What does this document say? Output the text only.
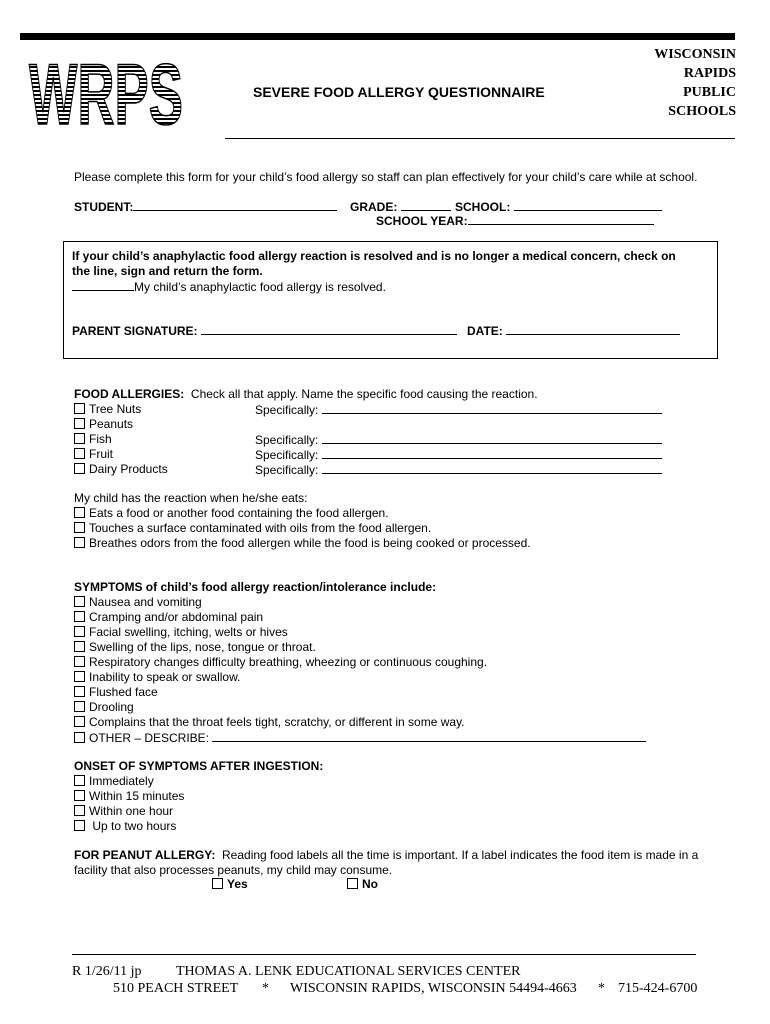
WRPS	SEVERE FOOD ALLERGY QUESTIONNAIRE
WISCONSIN
RAPIDS
PUBLIC
SCHOOLS
Please complete this form for your child’s food allergy so staff can plan effectively for your child’s care while at school.
STUDENT:	GRADE:	SCHOOL:
SCHOOL YEAR:
If your child’s anaphylactic food allergy reaction is resolved and is no longer a medical concern, check on
the line, sign and return the form.
My child’s anaphylactic food allergy is resolved.
PARENT SIGNATURE:	DATE:
FOOD ALLERGIES: Check all that apply. Name the specific food causing the reaction.
Tree Nuts	Specifically:
Peanuts
Fish	Specifically:
Fruit	Specifically:
Dairy Products	Specifically:
My child has the reaction when he/she eats:
Eats a food or another food containing the food allergen.
Touches a surface contaminated with oils from the food allergen.
Breathes odors from the food allergen while the food is being cooked or processed.
SYMPTOMS of child’s food allergy reaction/intolerance include:
Nausea and vomiting
Cramping and/or abdominal pain
Facial swelling, itching, welts or hives
Swelling of the lips, nose, tongue or throat.
Respiratory changes difficulty breathing, wheezing or continuous coughing.
Inability to speak or swallow.
Flushed face
Drooling
Complains that the throat feels tight, scratchy, or different in some way.
OTHER – DESCRIBE:
ONSET OF SYMPTOMS AFTER INGESTION:
Immediately
Within 15 minutes
Within one hour
Up to two hours
FOR PEANUT ALLERGY: Reading food labels all the time is important. If a label indicates the food item is made in a
facility that also processes peanuts, my child may consume.
Yes	No
R 1/26/11 jp THOMAS A. LENK EDUCATIONAL SERVICES CENTER
510 PEACH STREET * WISCONSIN RAPIDS, WISCONSIN 54494-4663 * 715-424-6700
